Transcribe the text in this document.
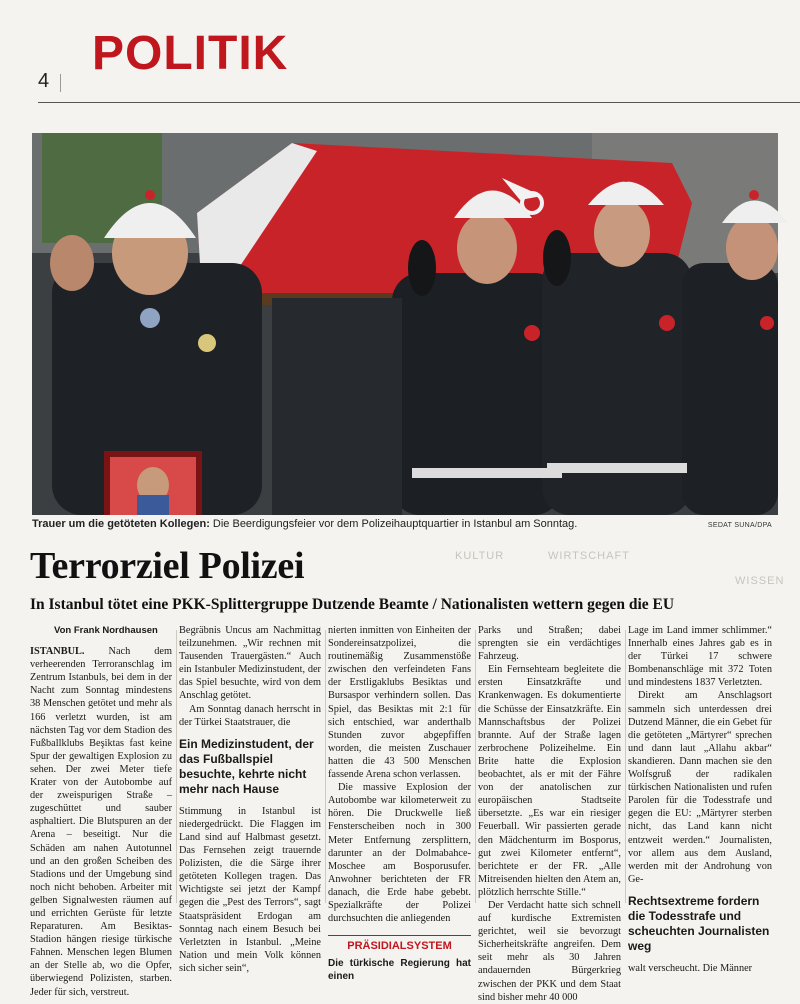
4
POLITIK
Trauer um die getöteten Kollegen: Die Beerdigungsfeier vor dem Polizeihauptquartier in Istanbul am Sonntag.	SEDAT SUNA/DPA
Terrorziel Polizei
In Istanbul tötet eine PKK-Splittergruppe Dutzende Beamte / Nationalisten wettern gegen die EU
WIRTSCHAFT
KULTUR
WISSEN

Von Frank Nordhausen

ISTANBUL. Nach dem verheerenden Terroranschlag im Zentrum Istanbuls, bei dem in der Nacht zum Sonntag mindestens 38 Menschen getötet und mehr als 166 verletzt wurden, ist am nächsten Tag vor dem Stadion des Fußballklubs Beşiktas fast keine Spur der gewaltigen Explosion zu sehen. Der zwei Meter tiefe Krater von der Autobombe auf der zweispurigen Straße – zugeschüttet und sauber asphaltiert. Die Blutspuren an der Arena – beseitigt. Nur die Schäden am nahen Autotunnel und an den großen Scheiben des Stadions und der Umgebung sind noch nicht behoben. Arbeiter mit gelben Signalwesten räumen auf und errichten Gerüste für letzte Reparaturen. Am Besiktas-Stadion hängen riesige türkische Fahnen. Menschen legen Blumen an der Stelle ab, wo die Opfer, überwiegend Polizisten, starben. Jeder für sich, verstreut.

Begräbnis Uncus am Nachmittag teilzunehmen. „Wir rechnen mit Tausenden Trauergästen.“ Auch ein Istanbuler Medizinstudent, der das Spiel besuchte, wird von dem Anschlag getötet.

Am Sonntag danach herrscht in der Türkei Staatstrauer, die

Ein Medizinstudent, der das Fußballspiel besuchte, kehrte nicht mehr nach Hause

Stimmung in Istanbul ist niedergedrückt. Die Flaggen im Land sind auf Halbmast gesetzt. Das Fernsehen zeigt trauernde Polizisten, die die Särge ihrer getöteten Kollegen tragen. Das Wichtigste sei jetzt der Kampf gegen die „Pest des Terrors“, sagt Staatspräsident Erdogan am Sonntag nach einem Besuch bei Verletzten in Istanbul. „Meine Nation und mein Volk können sich sicher sein“,

nierten inmitten von Einheiten der Sondereinsatzpolizei, die routinemäßig Zusammenstöße zwischen den verfeindeten Fans der Erstligaklubs Besiktas und Bursaspor verhindern sollen. Das Spiel, das Besiktas mit 2:1 für sich entschied, war anderthalb Stunden zuvor abgepfiffen worden, die meisten Zuschauer hatten die 43 500 Menschen fassende Arena schon verlassen.

Die massive Explosion der Autobombe war kilometerweit zu hören. Die Druckwelle ließ Fensterscheiben noch in 300 Meter Entfernung zersplittern, darunter an der Dolmabahce-Moschee am Bosporusufer. Anwohner berichteten der FR danach, die Erde habe gebebt. Spezialkräfte der Polizei durchsuchten die anliegenden

PRÄSIDIALSYSTEM

Die türkische Regierung hat einen

Parks und Straßen; dabei sprengten sie ein verdächtiges Fahrzeug.

Ein Fernsehteam begleitete die ersten Einsatzkräfte und Krankenwagen. Es dokumentierte die Schüsse der Einsatzkräfte. Ein Mannschaftsbus der Polizei brannte. Auf der Straße lagen zerbrochene Polizeihelme. Ein Brite hatte die Explosion beobachtet, als er mit der Fähre von der anatolischen zur europäischen Stadtseite übersetzte. „Es war ein riesiger Feuerball. Wir passierten gerade den Mädchenturm im Bosporus, gut zwei Kilometer entfernt“, berichtete er der FR. „Alle Mitreisenden hielten den Atem an, plötzlich herrschte Stille.“

Der Verdacht hatte sich schnell auf kurdische Extremisten gerichtet, weil sie bevorzugt Sicherheitskräfte angreifen. Dem seit mehr als 30 Jahren andauernden Bürgerkrieg zwischen der PKK und dem Staat sind bisher mehr 40 000

Lage im Land immer schlimmer.“ Innerhalb eines Jahres gab es in der Türkei 17 schwere Bombenanschläge mit 372 Toten und mindestens 1837 Verletzten.

Direkt am Anschlagsort sammeln sich unterdessen drei Dutzend Männer, die ein Gebet für die getöteten „Märtyrer“ sprechen und dann laut „Allahu akbar“ skandieren. Dann machen sie den Wolfsgruß der radikalen türkischen Nationalisten und rufen Parolen für die Todesstrafe und gegen die EU: „Märtyrer sterben nicht, das Land kann nicht entzweit werden.“ Journalisten, vor allem aus dem Ausland, werden mit der Androhung von Ge-

Rechtsextreme fordern die Todesstrafe und scheuchten Journalisten weg

walt verscheucht. Die Männer
